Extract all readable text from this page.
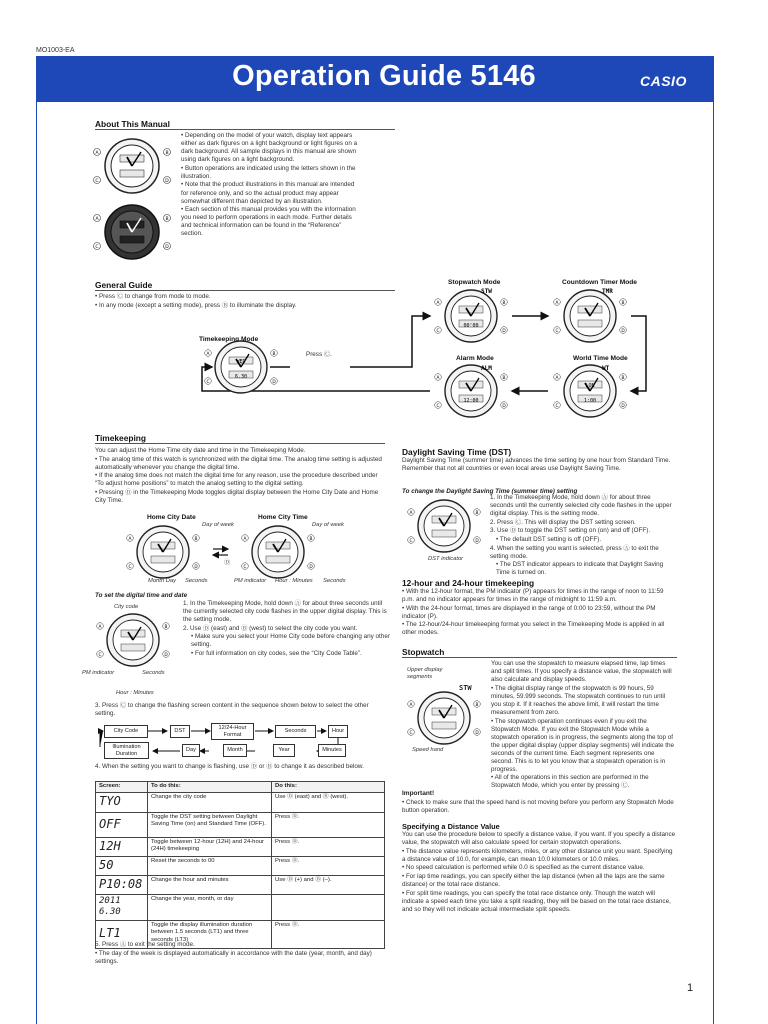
MO1003-EA
Operation Guide 5146	CASIO
About This Manual
A	B
C	D
A	B
C	D

• Depending on the model of your watch, display text appears either as dark figures on a light background or light figures on a dark background. All sample displays in this manual are shown using dark figures on a light background.

• Button operations are indicated using the letters shown in the illustration.

• Note that the product illustrations in this manual are intended for reference only, and so the actual product may appear somewhat different than depicted by an illustration.

• Each section of this manual provides you with the information you need to perform operations in each mode. Further details and technical information can be found in the “Reference” section.

General Guide

• Press Ⓒ to change from mode to mode.

• In any mode (except a setting mode), press Ⓑ to illuminate the display.

Timekeeping Mode
Stopwatch Mode	Countdown Timer Mode
Alarm Mode	World Time Mode
Press Ⓒ.
D
WED
6.30
STW
00'00
TMR
ALM
12:00
WT
LON
1:00
Timekeeping

You can adjust the Home Time city date and time in the Timekeeping Mode.

• The analog time of this watch is synchronized with the digital time. The analog time setting is adjusted automatically whenever you change the digital time.

• If the analog time does not match the digital time for any reason, use the procedure described under “To adjust home positions” to match the analog setting to the digital setting.

• Pressing Ⓓ in the Timekeeping Mode toggles digital display between the Home City Date and Home City Time.

Home City Date	Home City Time
Day of week	Day of week
Ⓓ
Month Day Seconds	PM indicator Hour : Minutes Seconds
To set the digital time and date
City code
PM indicator	Seconds
Hour : Minutes

1. In the Timekeeping Mode, hold down Ⓐ for about three seconds until the currently selected city code flashes in the upper digital display. This is the setting mode.

2. Use Ⓓ (east) and Ⓑ (west) to select the city code you want.

• Make sure you select your Home City code before changing any other setting.

• For full information on city codes, see the “City Code Table”.

3. Press Ⓒ to change the flashing screen content in the sequence shown below to select the other setting.
City Code	DST
12/24-Hour Format
Seconds	Hour
Minutes
Year
Month
Day
Illumination Duration
4. When the setting you want to change is flashing, use Ⓓ or Ⓑ to change it as described below.
Screen:	To do this:	Do this:
TYO	Change the city code	Use Ⓓ (east) and Ⓑ (west).
OFF	Toggle the DST setting between Daylight Saving Time (on) and Standard Time (OFF).	Press Ⓓ.
12H	Toggle between 12-hour (12H) and 24-hour (24H) timekeeping	Press Ⓓ.
50	Reset the seconds to 00	Press Ⓓ.
P10:08	Change the hour and minutes	Use Ⓓ (+) and Ⓑ (–).
2011 6.30	Change the year, month, or day	
LT1	Toggle the display illumination duration between 1.5 seconds (LT1) and three seconds (LT3)	Press Ⓓ.

5. Press Ⓐ to exit the setting mode.

• The day of the week is displayed automatically in accordance with the date (year, month, and day) settings.

Daylight Saving Time (DST)
Daylight Saving Time (summer time) advances the time setting by one hour from Standard Time. Remember that not all countries or even local areas use Daylight Saving Time.
To change the Daylight Saving Time (summer time) setting
DST indicator

1. In the Timekeeping Mode, hold down Ⓐ for about three seconds until the currently selected city code flashes in the upper digital display. This is the setting mode.

2. Press Ⓒ. This will display the DST setting screen.

3. Use Ⓓ to toggle the DST setting on (on) and off (OFF).

• The default DST setting is off (OFF).

4. When the setting you want is selected, press Ⓐ to exit the setting mode.

• The DST indicator appears to indicate that Daylight Saving Time is turned on.

12-hour and 24-hour timekeeping

• With the 12-hour format, the PM indicator (P) appears for times in the range of noon to 11:59 p.m. and no indicator appears for times in the range of midnight to 11:59 a.m.

• With the 24-hour format, times are displayed in the range of 0:00 to 23:59, without the PM indicator (P).

• The 12-hour/24-hour timekeeping format you select in the Timekeeping Mode is applied in all other modes.

Stopwatch
Upper display segments
STW
Speed hand

You can use the stopwatch to measure elapsed time, lap times and split times. If you specify a distance value, the stopwatch will also calculate and display speeds.

• The digital display range of the stopwatch is 99 hours, 59 minutes, 59.999 seconds. The stopwatch continues to run until you stop it. If it reaches the above limit, it will restart the time measurement from zero.

• The stopwatch operation continues even if you exit the Stopwatch Mode. If you exit the Stopwatch Mode while a stopwatch operation is in progress, the segments along the top of the upper digital display (upper display segments) will indicate the seconds of the current time. Each segment represents one second. This is to let you know that a stopwatch operation is in progress.

• All of the operations in this section are performed in the Stopwatch Mode, which you enter by pressing Ⓒ.

Important!
• Check to make sure that the speed hand is not moving before you perform any Stopwatch Mode button operation.
Specifying a Distance Value

You can use the procedure below to specify a distance value, if you want. If you specify a distance value, the stopwatch will also calculate speed for certain stopwatch operations.

• The distance value represents kilometers, miles, or any other distance unit you want. Specifying a distance value of 10.0, for example, can mean 10.0 kilometers or 10.0 miles.

• No speed calculation is performed while 0.0 is specified as the current distance value.

• For lap time readings, you can specify either the lap distance (when all the laps are the same distance) or the total race distance.

• For split time readings, you can specify the total race distance only. Though the watch will indicate a speed each time you take a split reading, they will be based on the total race distance, and so they will not indicate actual intermediate split speeds.

1
